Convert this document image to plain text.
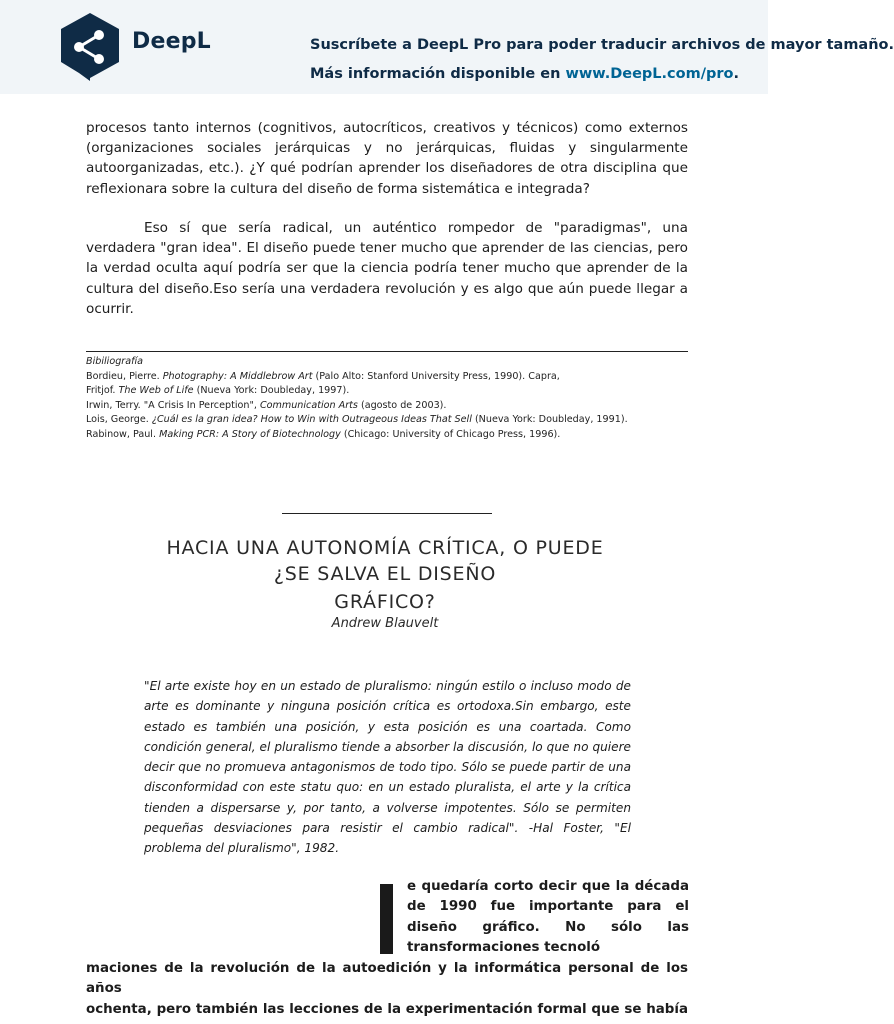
DeepL	Suscríbete a DeepL Pro para poder traducir archivos de mayor tamaño.
Más información disponible en www.DeepL.com/pro.

procesos tanto internos (cognitivos, autocríticos, creativos y técnicos) como externos (organizaciones sociales jerárquicas y no jerárquicas, fluidas y singularmente autoorganizadas, etc.). ¿Y qué podrían aprender los diseñadores de otra disciplina que reflexionara sobre la cultura del diseño de forma sistemática e integrada?

Eso sí que sería radical, un auténtico rompedor de "paradigmas", una verdadera "gran idea". El diseño puede tener mucho que aprender de las ciencias, pero la verdad oculta aquí podría ser que la ciencia podría tener mucho que aprender de la cultura del diseño.Eso sería una verdadera revolución y es algo que aún puede llegar a ocurrir.

Bibiliografía
Bordieu, Pierre. Photography: A Middlebrow Art (Palo Alto: Stanford University Press, 1990). Capra,
Fritjof. The Web of Life (Nueva York: Doubleday, 1997).
Irwin, Terry. "A Crisis In Perception", Communication Arts (agosto de 2003).
Lois, George. ¿Cuál es la gran idea? How to Win with Outrageous Ideas That Sell (Nueva York: Doubleday, 1991).
Rabinow, Paul. Making PCR: A Story of Biotechnology (Chicago: University of Chicago Press, 1996).
HACIA UNA AUTONOMÍA CRÍTICA, O PUEDE
¿SE SALVA EL DISEÑO
GRÁFICO?
Andrew Blauvelt

"El arte existe hoy en un estado de pluralismo: ningún estilo o incluso modo de arte es dominante y ninguna posición crítica es ortodoxa.Sin embargo, este estado es también una posición, y esta posición es una coartada. Como condición general, el pluralismo tiende a absorber la discusión, lo que no quiere decir que no promueva antagonismos de todo tipo. Sólo se puede partir de una disconformidad con este statu quo: en un estado pluralista, el arte y la crítica tienden a dispersarse y, por tanto, a volverse impotentes. Sólo se permiten pequeñas desviaciones para resistir el cambio radical". -Hal Foster, "El problema del pluralismo", 1982.

e quedaría corto decir que la década de 1990 fue importante para el diseño gráfico. No sólo las transformaciones tecnoló

maciones de la revolución de la autoedición y la informática personal de los años
ochenta, pero también las lecciones de la experimentación formal que se había
